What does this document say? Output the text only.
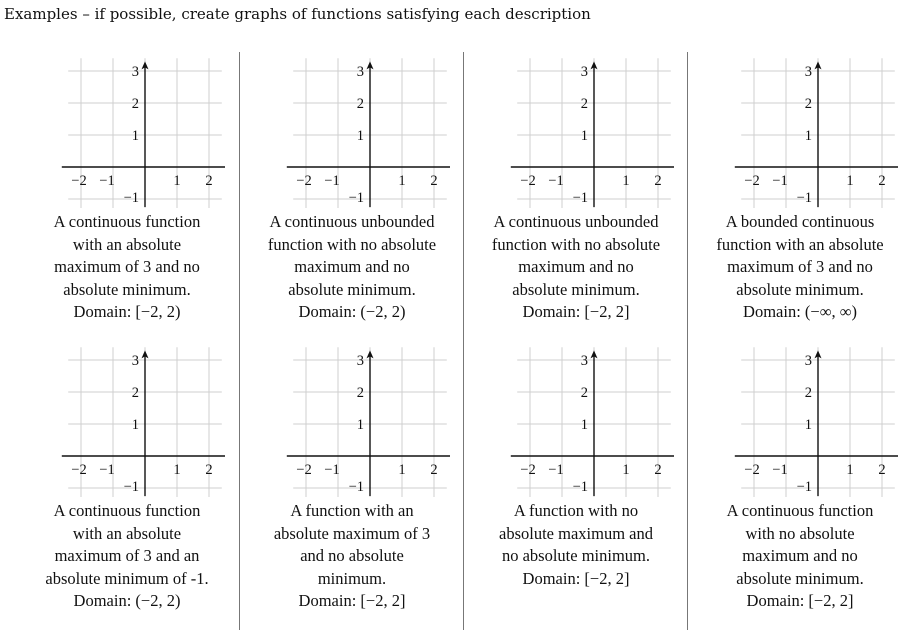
Examples – if possible, create graphs of functions satisfying each description
3
2
1
−2 −1	1 2
−1
A continuous function
with an absolute
maximum of 3 and no
absolute minimum.
Domain: [−2, 2)
3
2
1
−2 −1	1 2
−1
A continuous function
with an absolute
maximum of 3 and an
absolute minimum of -1.
Domain: (−2, 2)
3
2
1
−2 −1	1 2
−1
A continuous unbounded
function with no absolute
maximum and no
absolute minimum.
Domain: (−2, 2)
3
2
1
−2 −1	1 2
−1
A function with an
absolute maximum of 3
and no absolute
minimum.
Domain: [−2, 2]
3
2
1
−2 −1	1 2
−1
A continuous unbounded
function with no absolute
maximum and no
absolute minimum.
Domain: [−2, 2]
3
2
1
−2 −1	1 2
−1
A function with no
absolute maximum and
no absolute minimum.
Domain: [−2, 2]
3
2
1
−2 −1	1 2
−1
A bounded continuous
function with an absolute
maximum of 3 and no
absolute minimum.
Domain: (−∞, ∞)
3
2
1
−2 −1	1 2
−1
A continuous function
with no absolute
maximum and no
absolute minimum.
Domain: [−2, 2]
